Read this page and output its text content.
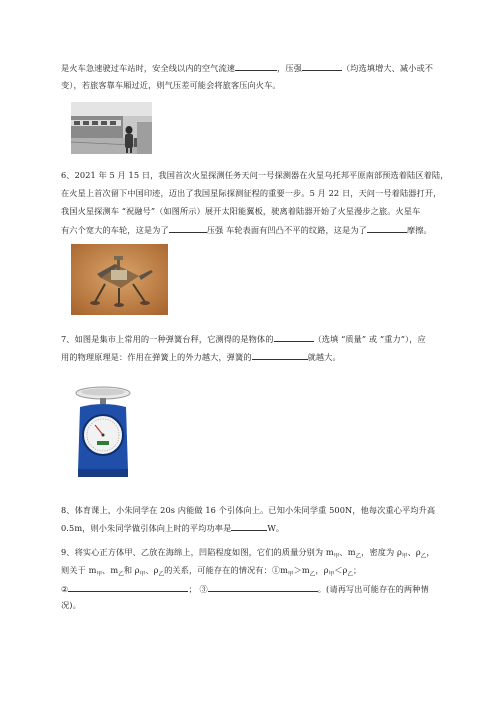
是火车急速驶过车站时，安全线以内的空气流速	，压强	（均选填增大、减小或不
变），若旅客靠车厢过近，则气压差可能会将旅客压向火车。
6、2021 年 5 月 15 日，我国首次火星探测任务天问一号探测器在火星乌托邦平原南部预选着陆区着陆，
在火星上首次留下中国印迹，迈出了我国星际探测征程的重要一步。5 月 22 日，天问一号着陆器打开，
我国火星探测车 “祝融号”（如图所示）展开太阳能翼板，驶离着陆器开始了火星漫步之旅。火星车
有六个宽大的车轮，这是为了	压强 车轮表面有凹凸不平的纹路，这是为了	摩擦。
7、如图是集市上常用的一种弹簧台秤，它测得的是物体的	（选填 “质量” 或 “重力”），应
用的物理原理是：作用在弹簧上的外力越大，弹簧的	就越大。
8、体育课上，小朱同学在 20s 内能做 16 个引体向上。已知小朱同学重 500N，他每次重心平均升高
0.5m，则小朱同学做引体向上时的平均功率是	W。
9、将实心正方体甲、乙放在海绵上，凹陷程度如图，它们的质量分别为 $m_甲$、$m_乙$，密度为 $\rho_甲$、$\rho_乙$，
则关于 $m_甲$、$m_乙$和 $\rho_甲$、$\rho_乙$的关系，可能存在的情况有：$①m_甲>m_乙$，$\rho_甲<\rho_乙$；
②	； ③	。(请再写出可能存在的两种情
况)。
